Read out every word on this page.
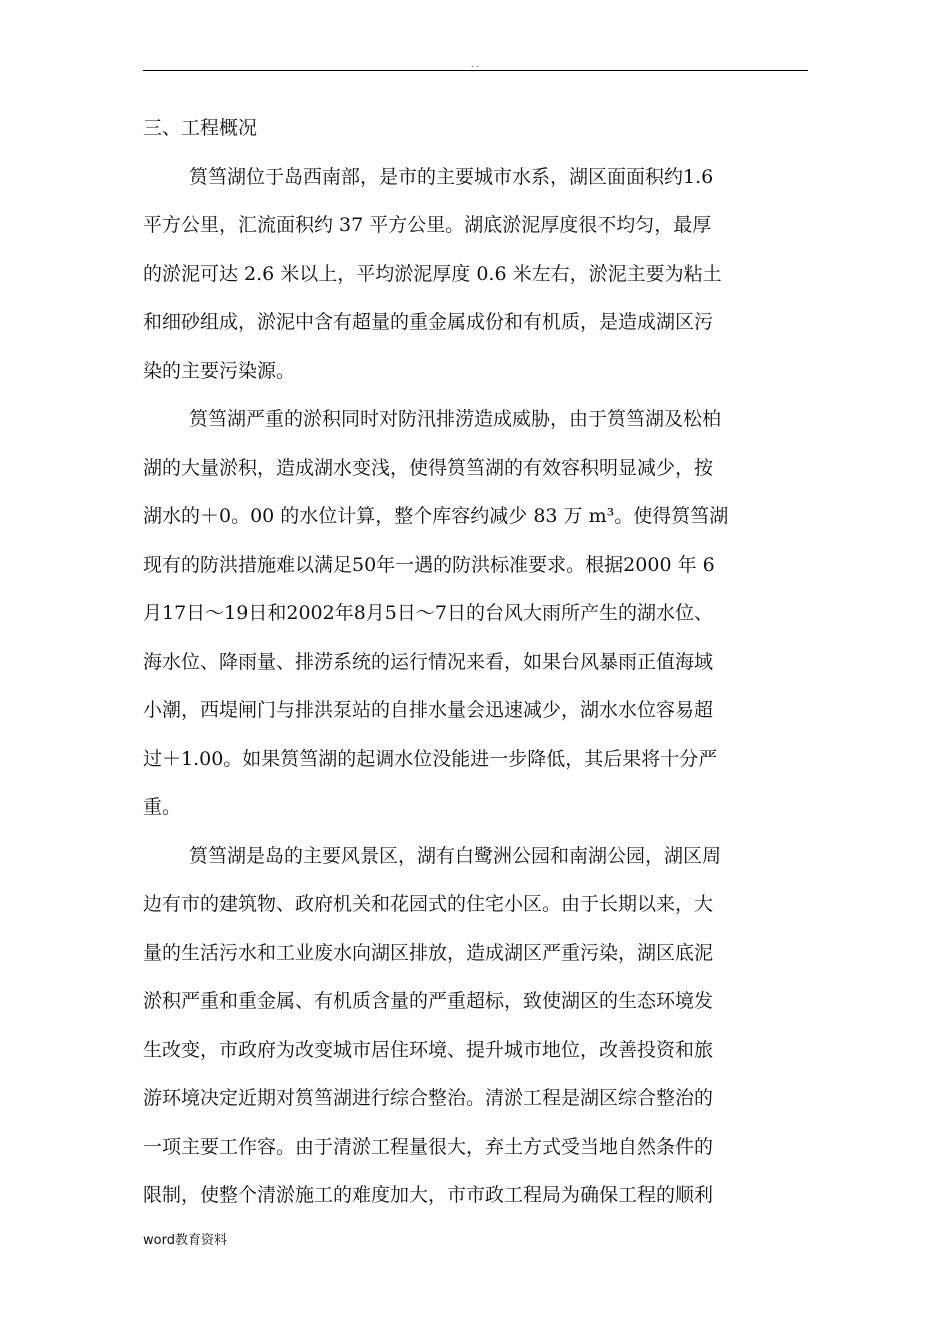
. .

三、工程概况

筼筜湖位于岛西南部，是市的主要城市水系，湖区面面积约1.6

平方公里，汇流面积约 37 平方公里。湖底淤泥厚度很不均匀，最厚

的淤泥可达 2.6 米以上，平均淤泥厚度 0.6 米左右，淤泥主要为粘土

和细砂组成，淤泥中含有超量的重金属成份和有机质，是造成湖区污

染的主要污染源。

筼筜湖严重的淤积同时对防汛排涝造成威胁，由于筼筜湖及松柏

湖的大量淤积，造成湖水变浅，使得筼筜湖的有效容积明显减少，按

湖水的＋0。00 的水位计算，整个库容约减少 83 万 m³。使得筼筜湖

现有的防洪措施难以满足50年一遇的防洪标准要求。根据2000 年 6

月17日～19日和2002年8月5日～7日的台风大雨所产生的湖水位、

海水位、降雨量、排涝系统的运行情况来看，如果台风暴雨正值海域

小潮，西堤闸门与排洪泵站的自排水量会迅速减少，湖水水位容易超

过＋1.00。如果筼筜湖的起调水位没能进一步降低，其后果将十分严

重。

筼筜湖是岛的主要风景区，湖有白鹭洲公园和南湖公园，湖区周

边有市的建筑物、政府机关和花园式的住宅小区。由于长期以来，大

量的生活污水和工业废水向湖区排放，造成湖区严重污染，湖区底泥

淤积严重和重金属、有机质含量的严重超标，致使湖区的生态环境发

生改变，市政府为改变城市居住环境、提升城市地位，改善投资和旅

游环境决定近期对筼筜湖进行综合整治。清淤工程是湖区综合整治的

一项主要工作容。由于清淤工程量很大，弃土方式受当地自然条件的

限制，使整个清淤施工的难度加大，市市政工程局为确保工程的顺利

word教育资料
